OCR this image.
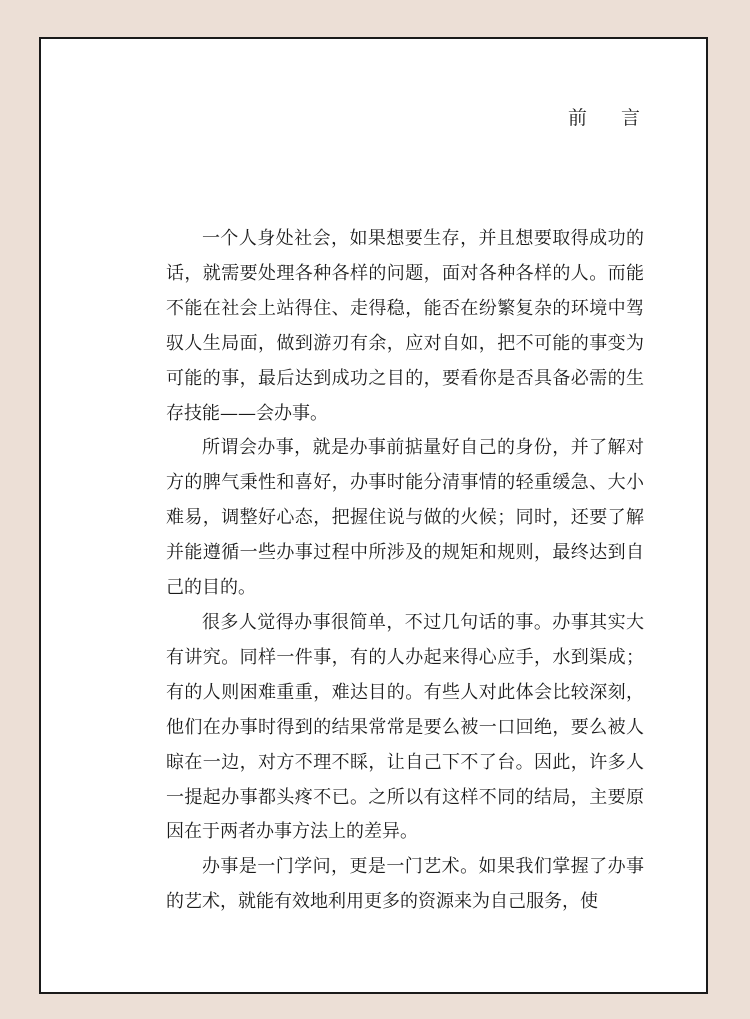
前 言

一个人身处社会，如果想要生存，并且想要取得成功的话，就需要处理各种各样的问题，面对各种各样的人。而能不能在社会上站得住、走得稳，能否在纷繁复杂的环境中驾驭人生局面，做到游刃有余，应对自如，把不可能的事变为可能的事，最后达到成功之目的，要看你是否具备必需的生存技能——会办事。

所谓会办事，就是办事前掂量好自己的身份，并了解对方的脾气秉性和喜好，办事时能分清事情的轻重缓急、大小难易，调整好心态，把握住说与做的火候；同时，还要了解并能遵循一些办事过程中所涉及的规矩和规则，最终达到自己的目的。

很多人觉得办事很简单，不过几句话的事。办事其实大有讲究。同样一件事，有的人办起来得心应手，水到渠成；有的人则困难重重，难达目的。有些人对此体会比较深刻，他们在办事时得到的结果常常是要么被一口回绝，要么被人晾在一边，对方不理不睬，让自己下不了台。因此，许多人一提起办事都头疼不已。之所以有这样不同的结局，主要原因在于两者办事方法上的差异。

办事是一门学问，更是一门艺术。如果我们掌握了办事的艺术，就能有效地利用更多的资源来为自己服务，使
